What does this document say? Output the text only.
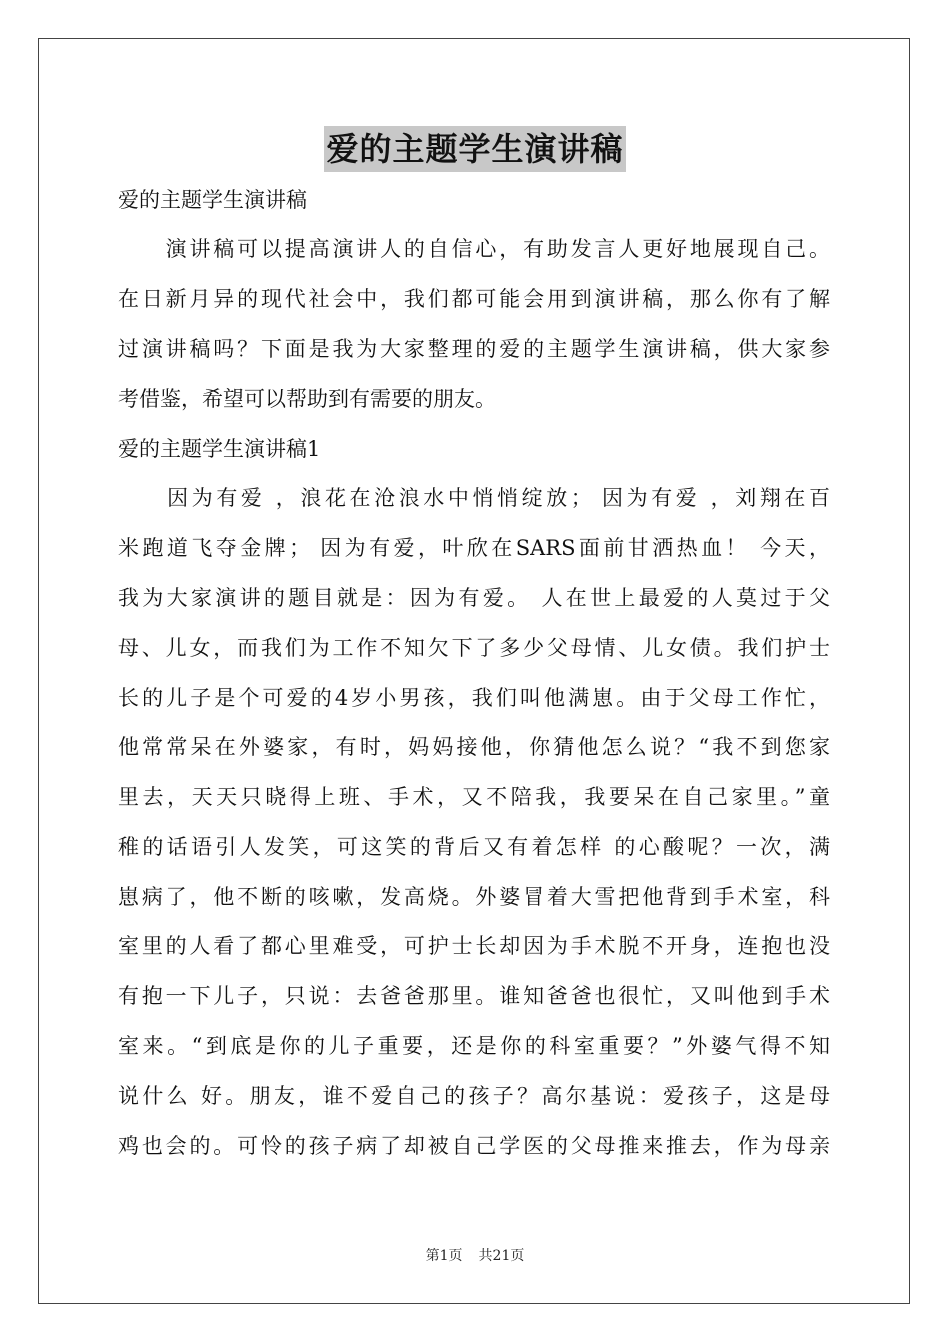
爱的主题学生演讲稿
爱的主题学生演讲稿
　　演讲稿可以提高演讲人的自信心，有助发言人更好地展现自己。
在日新月异的现代社会中，我们都可能会用到演讲稿，那么你有了解
过演讲稿吗？下面是我为大家整理的爱的主题学生演讲稿，供大家参
考借鉴，希望可以帮助到有需要的朋友。
爱的主题学生演讲稿1
　　因为有爱 ，浪花在沧浪水中悄悄绽放； 因为有爱 ，刘翔在百
米跑道飞夺金牌； 因为有爱，叶欣在SARS面前甘洒热血！ 今天，
我为大家演讲的题目就是：因为有爱。 人在世上最爱的人莫过于父
母、儿女，而我们为工作不知欠下了多少父母情、儿女债。我们护士
长的儿子是个可爱的4岁小男孩，我们叫他满崽。由于父母工作忙，
他常常呆在外婆家，有时，妈妈接他，你猜他怎么说？“我不到您家
里去，天天只晓得上班、手术，又不陪我，我要呆在自己家里。”童
稚的话语引人发笑，可这笑的背后又有着怎样 的心酸呢？一次，满
崽病了，他不断的咳嗽，发高烧。外婆冒着大雪把他背到手术室，科
室里的人看了都心里难受，可护士长却因为手术脱不开身，连抱也没
有抱一下儿子，只说：去爸爸那里。谁知爸爸也很忙，又叫他到手术
室来。“到底是你的儿子重要，还是你的科室重要？”外婆气得不知
说什么 好。朋友，谁不爱自己的孩子？高尔基说：爱孩子，这是母
鸡也会的。可怜的孩子病了却被自己学医的父母推来推去，作为母亲
第1页 共21页
